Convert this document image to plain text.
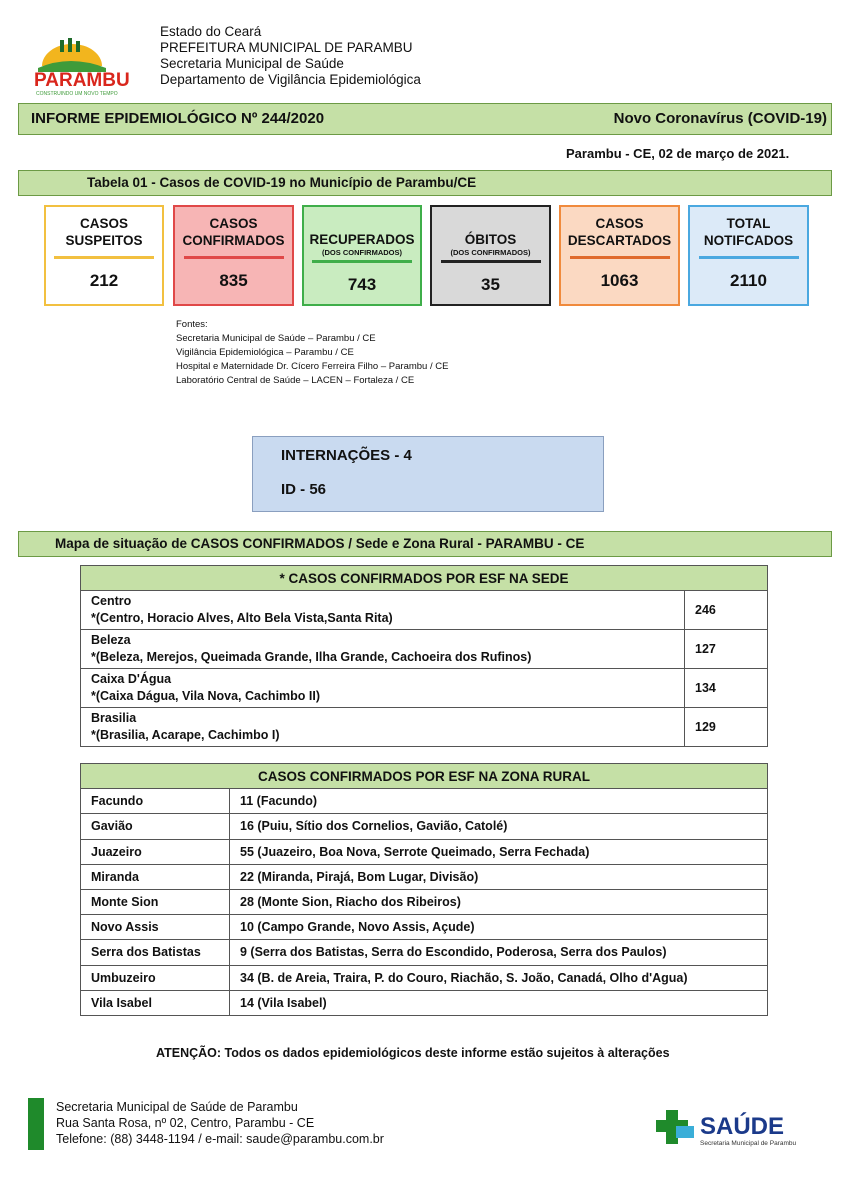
PARAMBU
CONSTRUINDO UM NOVO TEMPO
Estado do Ceará
PREFEITURA MUNICIPAL DE PARAMBU
Secretaria Municipal de Saúde
Departamento de Vigilância Epidemiológica
INFORME EPIDEMIOLÓGICO Nº 244/2020	Novo Coronavírus (COVID-19)
Parambu - CE, 02 de março de 2021.
Tabela 01 - Casos de COVID-19 no Município de Parambu/CE
CASOS
SUSPEITOS
212
CASOS
CONFIRMADOS
835
RECUPERADOS
(DOS CONFIRMADOS)
743
ÓBITOS
(DOS CONFIRMADOS)
35
CASOS
DESCARTADOS
1063
TOTAL
NOTIFCADOS
2110
Fontes:
Secretaria Municipal de Saúde – Parambu / CE
Vigilância Epidemiológica – Parambu / CE
Hospital e Maternidade Dr. Cícero Ferreira Filho – Parambu / CE
Laboratório Central de Saúde – LACEN – Fortaleza / CE
INTERNAÇÕES - 4
ID - 56
Mapa de situação de CASOS CONFIRMADOS / Sede e Zona Rural - PARAMBU - CE
* CASOS CONFIRMADOS POR ESF NA SEDE	

Centro
*(Centro, Horacio Alves, Alto Bela Vista,Santa Rita)	246

Beleza
*(Beleza, Merejos, Queimada Grande, Ilha Grande, Cachoeira dos Rufinos)	127

Caixa D'Água
*(Caixa Dágua, Vila Nova, Cachimbo II)	134

Brasilia
*(Brasilia, Acarape, Cachimbo I)	129
CASOS CONFIRMADOS POR ESF NA ZONA RURAL	
Facundo	11 (Facundo)
Gavião	16 (Puiu, Sítio dos Cornelios, Gavião, Catolé)
Juazeiro	55 (Juazeiro, Boa Nova, Serrote Queimado, Serra Fechada)
Miranda	22 (Miranda, Pirajá, Bom Lugar, Divisão)
Monte Sion	28 (Monte Sion, Riacho dos Ribeiros)
Novo Assis	10 (Campo Grande, Novo Assis, Açude)
Serra dos Batistas	9 (Serra dos Batistas, Serra do Escondido, Poderosa, Serra dos Paulos)
Umbuzeiro	34 (B. de Areia, Traira, P. do Couro, Riachão, S. João, Canadá, Olho d'Agua)
Vila Isabel	14 (Vila Isabel)
ATENÇÃO: Todos os dados epidemiológicos deste informe estão sujeitos à alterações
Secretaria Municipal de Saúde de Parambu
Rua Santa Rosa, nº 02, Centro, Parambu - CE
Telefone: (88) 3448-1194 / e-mail: saude@parambu.com.br	SAÚDE
Secretaria Municipal de Parambu
